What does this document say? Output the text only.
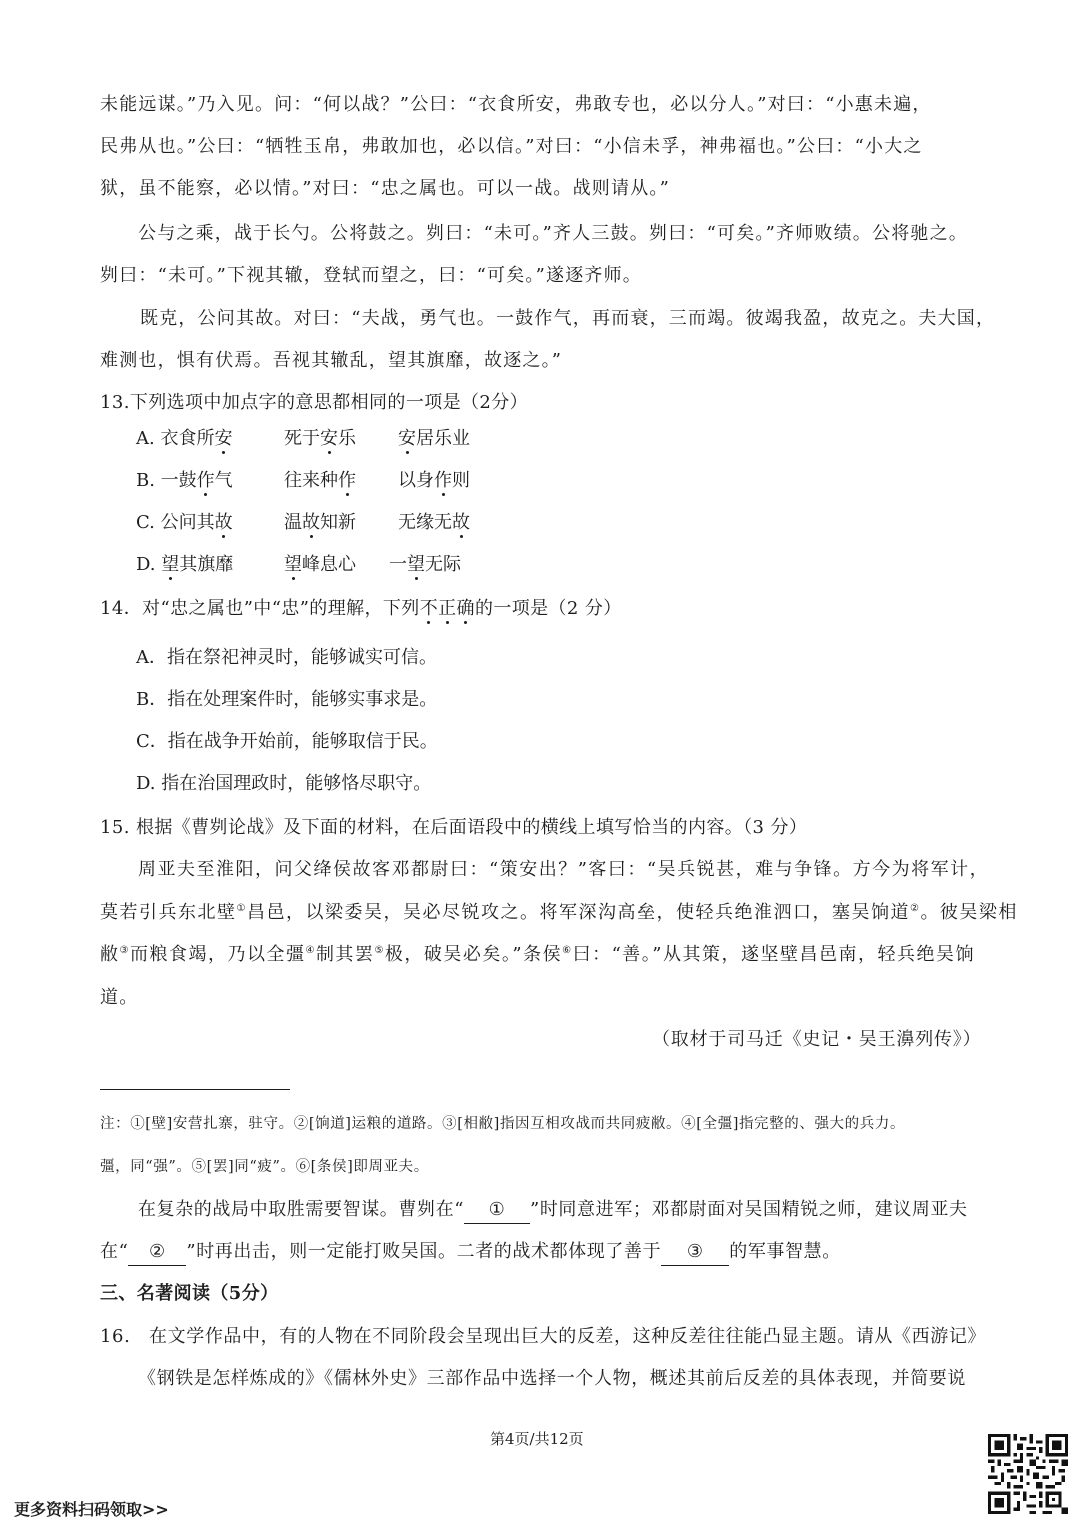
未能远谋。”乃入见。问：“何以战？”公曰：“衣食所安，弗敢专也，必以分人。”对曰：“小惠未遍，
民弗从也。”公曰：“牺牲玉帛，弗敢加也，必以信。”对曰：“小信未孚，神弗福也。”公曰：“小大之
狱，虽不能察，必以情。”对曰：“忠之属也。可以一战。战则请从。”
公与之乘，战于长勺。公将鼓之。刿曰：“未可。”齐人三鼓。刿曰：“可矣。”齐师败绩。公将驰之。
刿曰：“未可。”下视其辙，登轼而望之，曰：“可矣。”遂逐齐师。
既克，公问其故。对曰：“夫战，勇气也。一鼓作气，再而衰，三而竭。彼竭我盈，故克之。夫大国，
难测也，惧有伏焉。吾视其辙乱，望其旗靡，故逐之。”
13.下列选项中加点字的意思都相同的一项是（2分）
A. 衣食所安	死于安乐 安居乐业
B. 一鼓作气	往来种作 以身作则
C. 公问其故	温故知新 无缘无故
D. 望其旗靡	望峰息心 一望无际
14．对“忠之属也”中“忠”的理解，下列不正确的一项是（2 分）
A．指在祭祀神灵时，能够诚实可信。
B．指在处理案件时，能够实事求是。
C．指在战争开始前，能够取信于民。
D. 指在治国理政时，能够恪尽职守。
15. 根据《曹刿论战》及下面的材料，在后面语段中的横线上填写恰当的内容。（3 分）
周亚夫至淮阳，问父绛侯故客邓都尉曰：“策安出？”客曰：“吴兵锐甚，难与争锋。方今为将军计，
莫若引兵东北壁①昌邑，以梁委吴，吴必尽锐攻之。将军深沟高垒，使轻兵绝淮泗口，塞吴饷道②。彼吴梁相
敝③而粮食竭，乃以全彊④制其罢⑤极，破吴必矣。”条侯⑥曰：“善。”从其策，遂坚壁昌邑南，轻兵绝吴饷
道。
（取材于司马迁《史记・吴王濞列传》）
注：①[壁]安营扎寨，驻守。②[饷道]运粮的道路。③[相敝]指因互相攻战而共同疲敝。④[全彊]指完整的、强大的兵力。
彊，同“强”。⑤[罢]同“疲”。⑥[条侯]即周亚夫。
在复杂的战局中取胜需要智谋。曹刿在“ ① ”时同意进军；邓都尉面对吴国精锐之师，建议周亚夫
在“ ② ”时再出击，则一定能打败吴国。二者的战术都体现了善于 ③ 的军事智慧。
三、名著阅读（5分）
16.　在文学作品中，有的人物在不同阶段会呈现出巨大的反差，这种反差往往能凸显主题。请从《西游记》
《钢铁是怎样炼成的》《儒林外史》三部作品中选择一个人物，概述其前后反差的具体表现，并简要说
第4页/共12页
更多资料扫码领取>>
